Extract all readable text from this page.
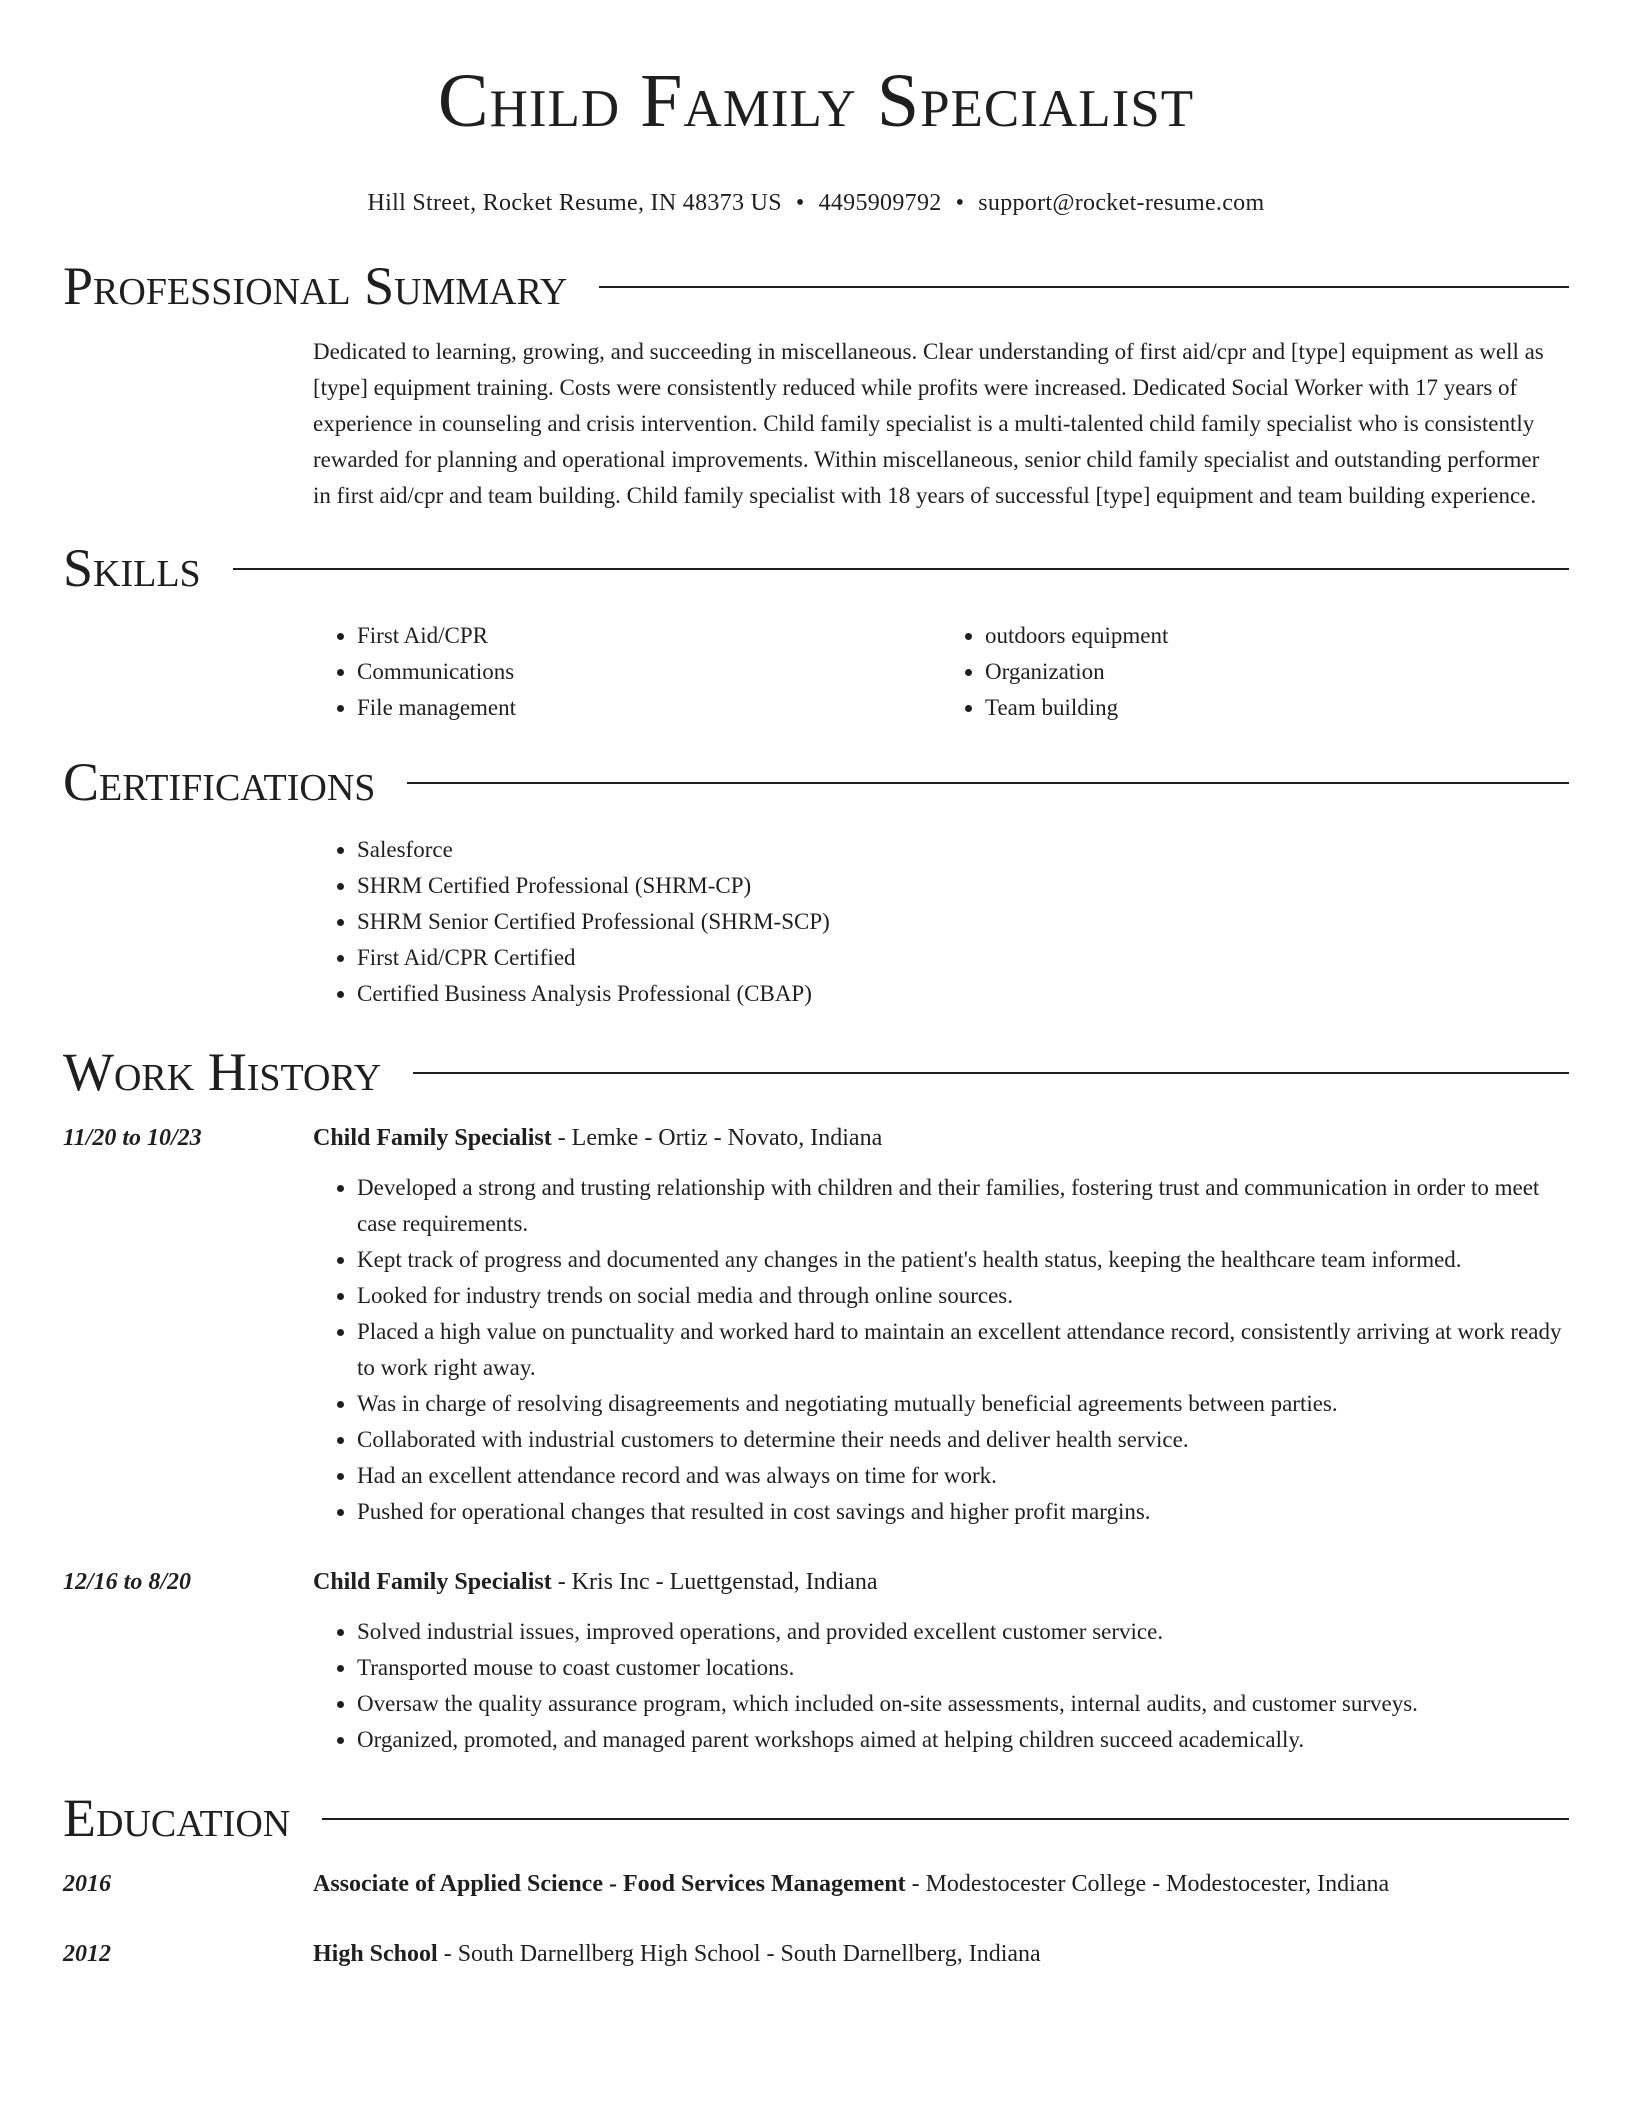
Child Family Specialist
Hill Street, Rocket Resume, IN 48373 US • 4495909792 • support@rocket-resume.com
Professional Summary
Dedicated to learning, growing, and succeeding in miscellaneous. Clear understanding of first aid/cpr and [type] equipment as well as [type] equipment training. Costs were consistently reduced while profits were increased. Dedicated Social Worker with 17 years of experience in counseling and crisis intervention. Child family specialist is a multi-talented child family specialist who is consistently rewarded for planning and operational improvements. Within miscellaneous, senior child family specialist and outstanding performer in first aid/cpr and team building. Child family specialist with 18 years of successful [type] equipment and team building experience.
Skills
• First Aid/CPR
• Communications
• File management
• outdoors equipment
• Organization
• Team building
Certifications
• Salesforce
• SHRM Certified Professional (SHRM-CP)
• SHRM Senior Certified Professional (SHRM-SCP)
• First Aid/CPR Certified
• Certified Business Analysis Professional (CBAP)
Work History
11/20 to 10/23	Child Family Specialist - Lemke - Ortiz - Novato, Indiana
• Developed a strong and trusting relationship with children and their families, fostering trust and communication in order to meet case requirements.
• Kept track of progress and documented any changes in the patient's health status, keeping the healthcare team informed.
• Looked for industry trends on social media and through online sources.
• Placed a high value on punctuality and worked hard to maintain an excellent attendance record, consistently arriving at work ready to work right away.
• Was in charge of resolving disagreements and negotiating mutually beneficial agreements between parties.
• Collaborated with industrial customers to determine their needs and deliver health service.
• Had an excellent attendance record and was always on time for work.
• Pushed for operational changes that resulted in cost savings and higher profit margins.
12/16 to 8/20	Child Family Specialist - Kris Inc - Luettgenstad, Indiana
• Solved industrial issues, improved operations, and provided excellent customer service.
• Transported mouse to coast customer locations.
• Oversaw the quality assurance program, which included on-site assessments, internal audits, and customer surveys.
• Organized, promoted, and managed parent workshops aimed at helping children succeed academically.
Education
2016	Associate of Applied Science - Food Services Management - Modestocester College - Modestocester, Indiana
2012	High School - South Darnellberg High School - South Darnellberg, Indiana
